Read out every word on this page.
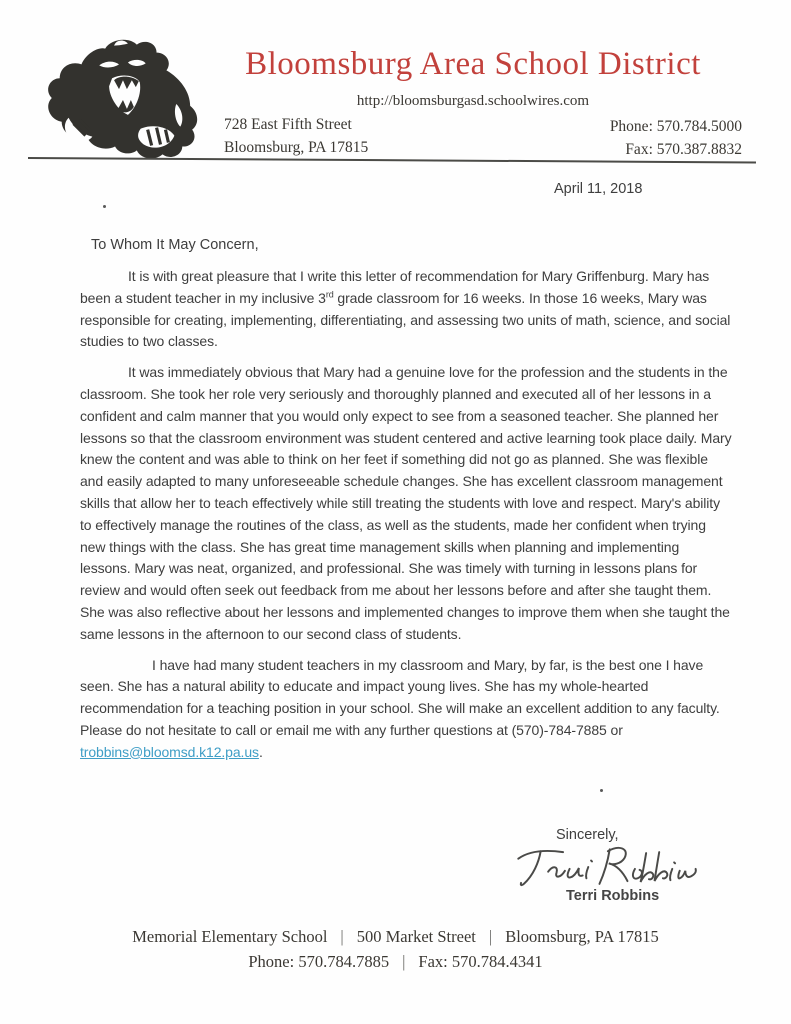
Bloomsburg Area School District
http://bloomsburgasd.schoolwires.com
728 East Fifth Street
Bloomsburg, PA 17815
Phone: 570.784.5000
Fax: 570.387.8832
April 11, 2018
To Whom It May Concern,

It is with great pleasure that I write this letter of recommendation for Mary Griffenburg. Mary has been a student teacher in my inclusive 3rd grade classroom for 16 weeks. In those 16 weeks, Mary was responsible for creating, implementing, differentiating, and assessing two units of math, science, and social studies to two classes.

It was immediately obvious that Mary had a genuine love for the profession and the students in the classroom. She took her role very seriously and thoroughly planned and executed all of her lessons in a confident and calm manner that you would only expect to see from a seasoned teacher. She planned her lessons so that the classroom environment was student centered and active learning took place daily. Mary knew the content and was able to think on her feet if something did not go as planned. She was flexible and easily adapted to many unforeseeable schedule changes. She has excellent classroom management skills that allow her to teach effectively while still treating the students with love and respect. Mary's ability to effectively manage the routines of the class, as well as the students, made her confident when trying new things with the class. She has great time management skills when planning and implementing lessons. Mary was neat, organized, and professional. She was timely with turning in lessons plans for review and would often seek out feedback from me about her lessons before and after she taught them. She was also reflective about her lessons and implemented changes to improve them when she taught the same lessons in the afternoon to our second class of students.

I have had many student teachers in my classroom and Mary, by far, is the best one I have seen. She has a natural ability to educate and impact young lives. She has my whole-hearted recommendation for a teaching position in your school. She will make an excellent addition to any faculty. Please do not hesitate to call or email me with any further questions at (570)-784-7885 or trobbins@bloomsd.k12.pa.us.

Sincerely,
Terri Robbins
Memorial Elementary School | 500 Market Street | Bloomsburg, PA 17815
Phone: 570.784.7885 | Fax: 570.784.4341
